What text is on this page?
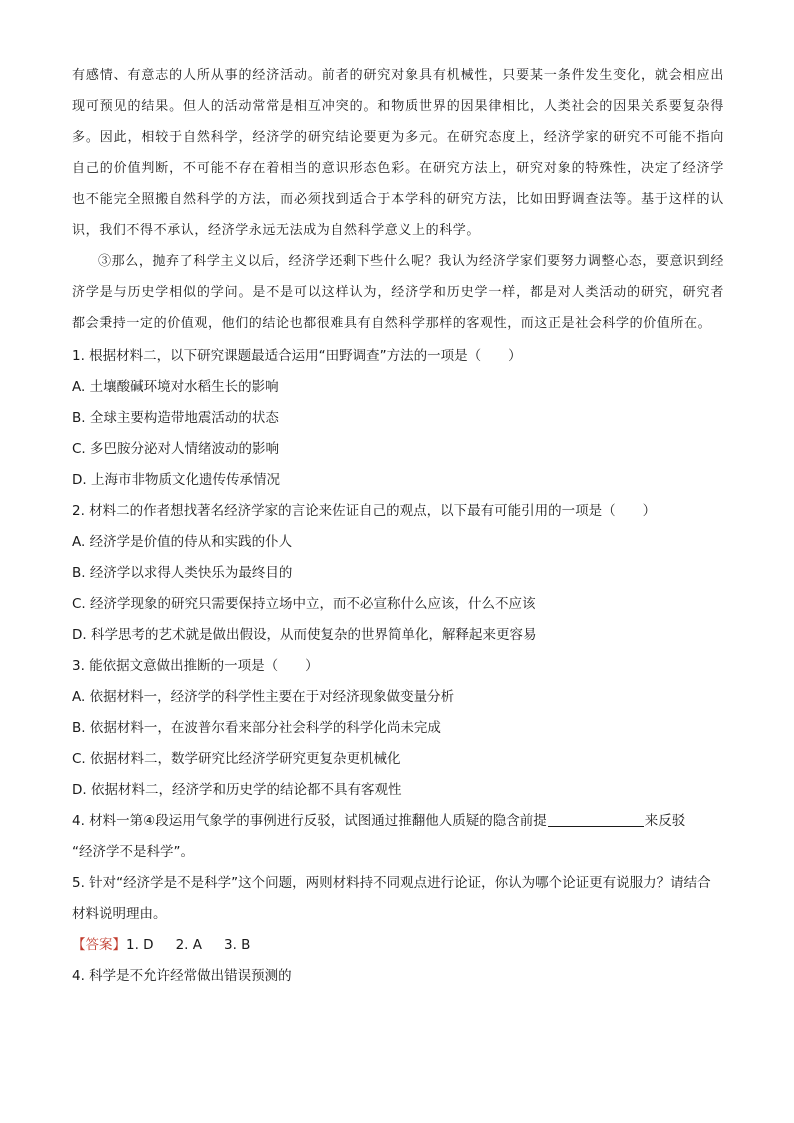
有感情、有意志的人所从事的经济活动。前者的研究对象具有机械性，只要某一条件发生变化，就会相应出现可预见的结果。但人的活动常常是相互冲突的。和物质世界的因果律相比，人类社会的因果关系要复杂得多。因此，相较于自然科学，经济学的研究结论要更为多元。在研究态度上，经济学家的研究不可能不指向自己的价值判断，不可能不存在着相当的意识形态色彩。在研究方法上，研究对象的特殊性，决定了经济学也不能完全照搬自然科学的方法，而必须找到适合于本学科的研究方法，比如田野调查法等。基于这样的认识，我们不得不承认，经济学永远无法成为自然科学意义上的科学。

③那么，抛弃了科学主义以后，经济学还剩下些什么呢？我认为经济学家们要努力调整心态，要意识到经济学是与历史学相似的学问。是不是可以这样认为，经济学和历史学一样，都是对人类活动的研究，研究者都会秉持一定的价值观，他们的结论也都很难具有自然科学那样的客观性，而这正是社会科学的价值所在。

1. 根据材料二，以下研究课题最适合运用“田野调查”方法的一项是（　　）
A. 土壤酸碱环境对水稻生长的影响
B. 全球主要构造带地震活动的状态
C. 多巴胺分泌对人情绪波动的影响
D. 上海市非物质文化遗传传承情况
2. 材料二的作者想找著名经济学家的言论来佐证自己的观点，以下最有可能引用的一项是（　　）
A. 经济学是价值的侍从和实践的仆人
B. 经济学以求得人类快乐为最终目的
C. 经济学现象的研究只需要保持立场中立，而不必宣称什么应该，什么不应该
D. 科学思考的艺术就是做出假设，从而使复杂的世界简单化，解释起来更容易
3. 能依据文意做出推断的一项是（　　）
A. 依据材料一，经济学的科学性主要在于对经济现象做变量分析
B. 依据材料一，在波普尔看来部分社会科学的科学化尚未完成
C. 依据材料二，数学研究比经济学研究更复杂更机械化
D. 依据材料二，经济学和历史学的结论都不具有客观性
4. 材料一第④段运用气象学的事例进行反驳，试图通过推翻他人质疑的隐含前提	来反驳
“经济学不是科学”。
5. 针对“经济学是不是科学”这个问题，两则材料持不同观点进行论证，你认为哪个论证更有说服力？请结合材料说明理由。
【答案】1. D 2. A 3. B
4. 科学是不允许经常做出错误预测的
